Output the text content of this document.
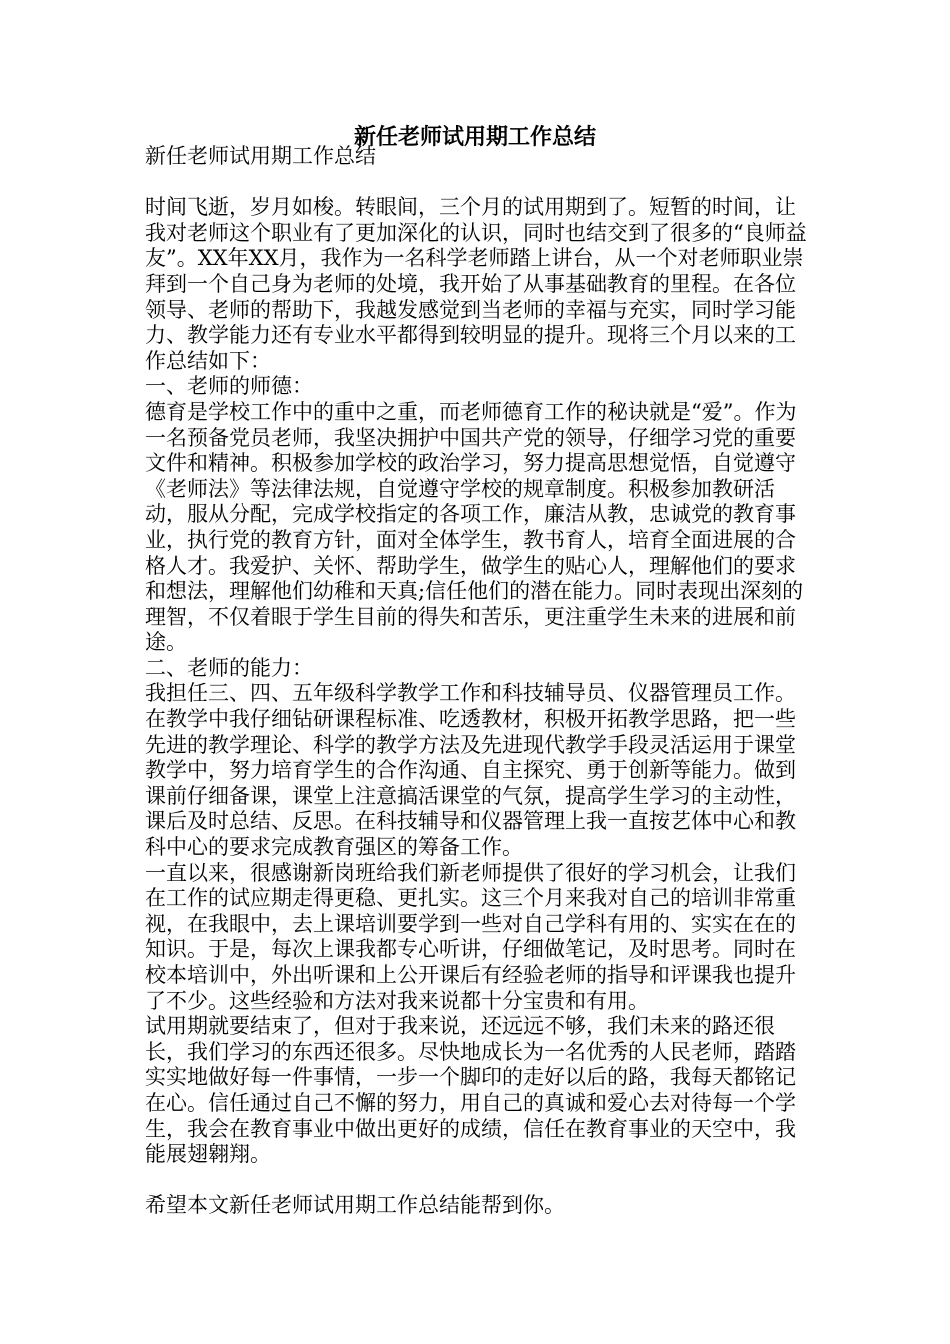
新任老师试用期工作总结

新任老师试用期工作总结

时间飞逝，岁月如梭。转眼间，三个月的试用期到了。短暂的时间，让我对老师这个职业有了更加深化的认识，同时也结交到了很多的“良师益友”。XX年XX月，我作为一名科学老师踏上讲台，从一个对老师职业崇拜到一个自己身为老师的处境，我开始了从事基础教育的里程。在各位领导、老师的帮助下，我越发感觉到当老师的幸福与充实，同时学习能力、教学能力还有专业水平都得到较明显的提升。现将三个月以来的工作总结如下：

一、老师的师德：

德育是学校工作中的重中之重，而老师德育工作的秘诀就是“爱”。作为一名预备党员老师，我坚决拥护中国共产党的领导，仔细学习党的重要文件和精神。积极参加学校的政治学习，努力提高思想觉悟，自觉遵守《老师法》等法律法规，自觉遵守学校的规章制度。积极参加教研活动，服从分配，完成学校指定的各项工作，廉洁从教，忠诚党的教育事业，执行党的教育方针，面对全体学生，教书育人，培育全面进展的合格人才。我爱护、关怀、帮助学生，做学生的贴心人，理解他们的要求和想法，理解他们幼稚和天真;信任他们的潜在能力。同时表现出深刻的理智，不仅着眼于学生目前的得失和苦乐，更注重学生未来的进展和前途。

二、老师的能力：

我担任三、四、五年级科学教学工作和科技辅导员、仪器管理员工作。在教学中我仔细钻研课程标准、吃透教材，积极开拓教学思路，把一些先进的教学理论、科学的教学方法及先进现代教学手段灵活运用于课堂教学中，努力培育学生的合作沟通、自主探究、勇于创新等能力。做到课前仔细备课，课堂上注意搞活课堂的气氛，提高学生学习的主动性，课后及时总结、反思。在科技辅导和仪器管理上我一直按艺体中心和教科中心的要求完成教育强区的筹备工作。

一直以来，很感谢新岗班给我们新老师提供了很好的学习机会，让我们在工作的试应期走得更稳、更扎实。这三个月来我对自己的培训非常重视，在我眼中，去上课培训要学到一些对自己学科有用的、实实在在的知识。于是，每次上课我都专心听讲，仔细做笔记，及时思考。同时在校本培训中，外出听课和上公开课后有经验老师的指导和评课我也提升了不少。这些经验和方法对我来说都十分宝贵和有用。

试用期就要结束了，但对于我来说，还远远不够，我们未来的路还很长，我们学习的东西还很多。尽快地成长为一名优秀的人民老师，踏踏实实地做好每一件事情，一步一个脚印的走好以后的路，我每天都铭记在心。信任通过自己不懈的努力，用自己的真诚和爱心去对待每一个学生，我会在教育事业中做出更好的成绩，信任在教育事业的天空中，我能展翅翱翔。

希望本文新任老师试用期工作总结能帮到你。
